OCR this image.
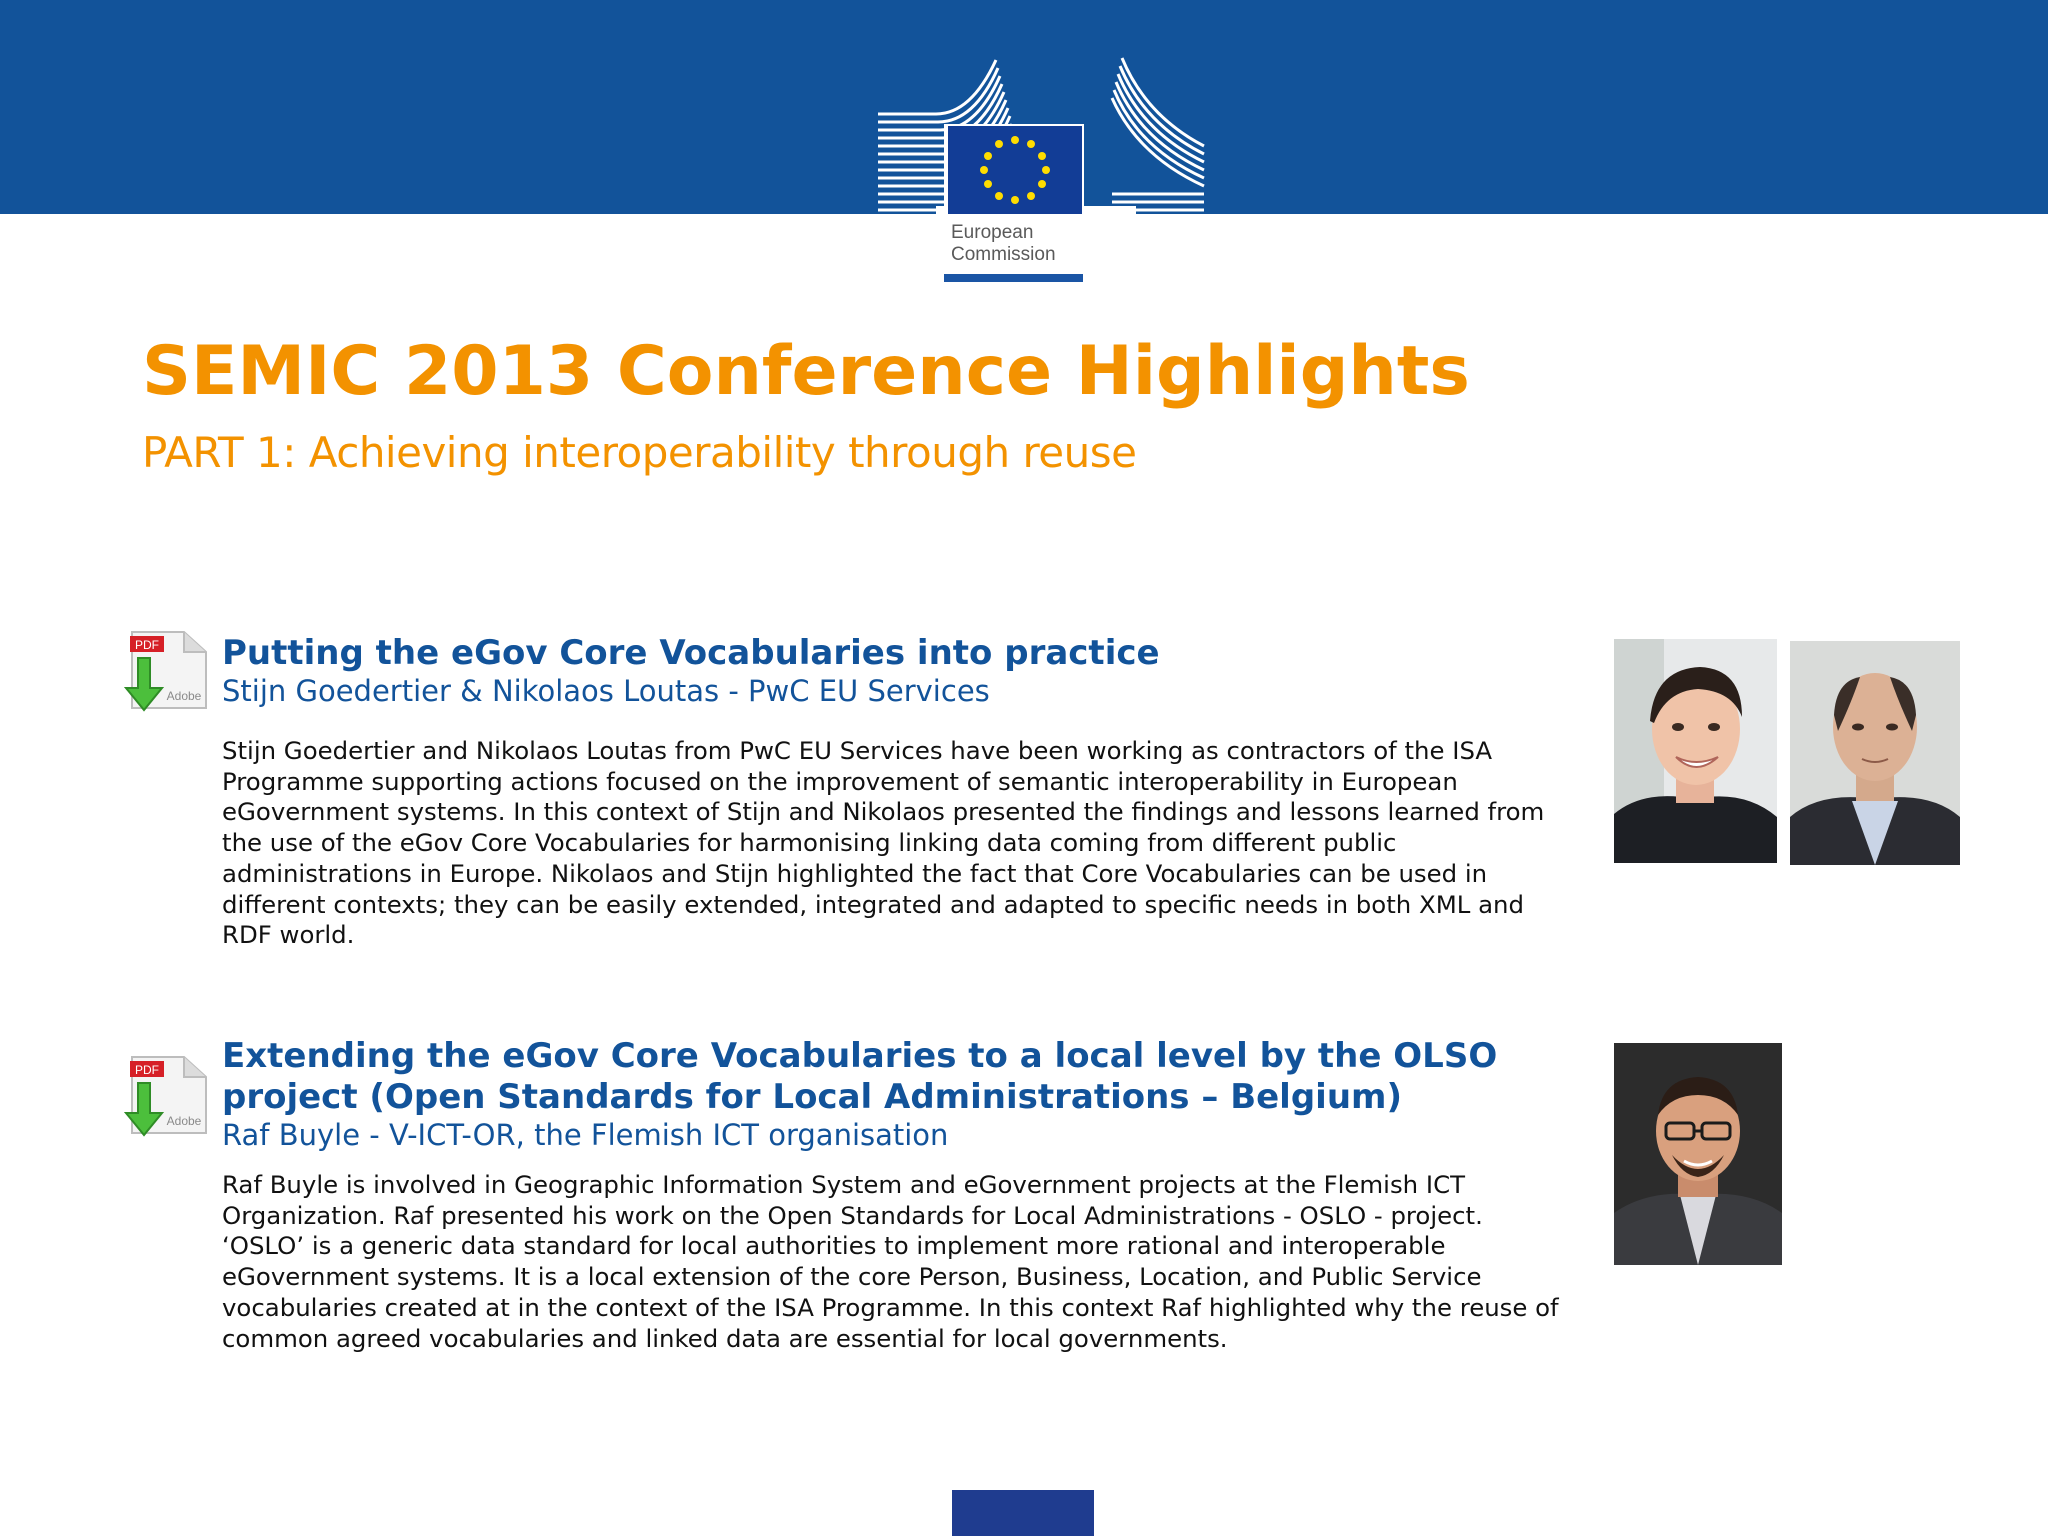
European
Commission
SEMIC 2013 Conference Highlights
PART 1: Achieving interoperability through reuse
PDF
Adobe
Putting the eGov Core Vocabularies into practice
Stijn Goedertier & Nikolaos Loutas - PwC EU Services
Stijn Goedertier and Nikolaos Loutas from PwC EU Services have been working as contractors of the ISA Programme supporting actions focused on the improvement of semantic interoperability in European eGovernment systems. In this context of Stijn and Nikolaos presented the findings and lessons learned from the use of the eGov Core Vocabularies for harmonising linking data coming from different public administrations in Europe. Nikolaos and Stijn highlighted the fact that Core Vocabularies can be used in different contexts; they can be easily extended, integrated and adapted to specific needs in both XML and RDF world.
PDF
Adobe
Extending the eGov Core Vocabularies to a local level by the OLSO
project (Open Standards for Local Administrations – Belgium)
Raf Buyle - V-ICT-OR, the Flemish ICT organisation
Raf Buyle is involved in Geographic Information System and eGovernment projects at the Flemish ICT Organization. Raf presented his work on the Open Standards for Local Administrations - OSLO - project. ‘OSLO’ is a generic data standard for local authorities to implement more rational and interoperable eGovernment systems. It is a local extension of the core Person, Business, Location, and Public Service vocabularies created at in the context of the ISA Programme. In this context Raf highlighted why the reuse of common agreed vocabularies and linked data are essential for local governments.
